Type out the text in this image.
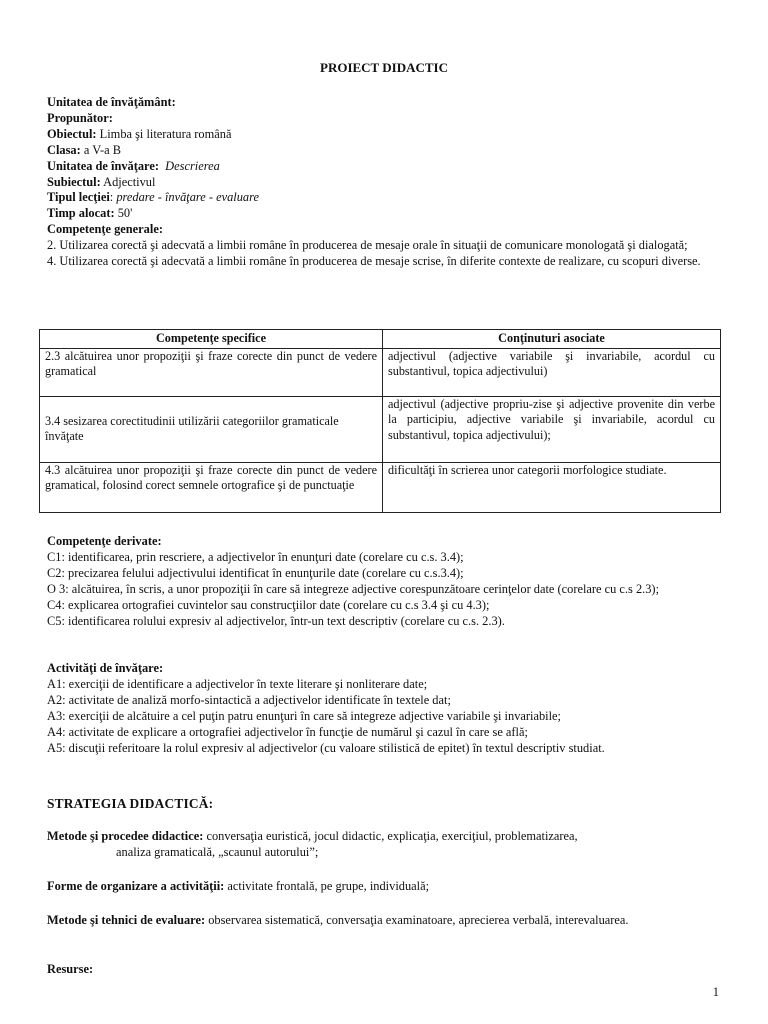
PROIECT DIDACTIC

Unitatea de învăţământ:

Propunător:

Obiectul: Limba şi literatura română

Clasa: a V-a B

Unitatea de învăţare: Descrierea

Subiectul: Adjectivul

Tipul lecţiei: predare - învăţare - evaluare

Timp alocat: 50'

Competenţe generale:

2. Utilizarea corectă şi adecvată a limbii române în producerea de mesaje orale în situaţii de comunicare monologată şi dialogată;

4. Utilizarea corectă şi adecvată a limbii române în producerea de mesaje scrise, în diferite contexte de realizare, cu scopuri diverse.

Competenţe specifice	Conţinuturi asociate
2.3 alcătuirea unor propoziţii şi fraze corecte din punct de vedere gramatical	adjectivul (adjective variabile şi invariabile, acordul cu substantivul, topica adjectivului)
3.4 sesizarea corectitudinii utilizării categoriilor gramaticale învăţate	adjectivul (adjective propriu-zise şi adjective provenite din verbe la participiu, adjective variabile şi invariabile, acordul cu substantivul, topica adjectivului);
4.3 alcătuirea unor propoziţii şi fraze corecte din punct de vedere gramatical, folosind corect semnele ortografice şi de punctuaţie	dificultăţi în scrierea unor categorii morfologice studiate.

Competenţe derivate:

C1: identificarea, prin rescriere, a adjectivelor în enunţuri date (corelare cu c.s. 3.4);

C2: precizarea felului adjectivului identificat în enunţurile date (corelare cu c.s.3.4);

O 3: alcătuirea, în scris, a unor propoziţii în care să integreze adjective corespunzătoare cerinţelor date (corelare cu c.s 2.3);

C4: explicarea ortografiei cuvintelor sau construcţiilor date (corelare cu c.s 3.4 şi cu 4.3);

C5: identificarea rolului expresiv al adjectivelor, într-un text descriptiv (corelare cu c.s. 2.3).

Activităţi de învăţare:

A1: exerciţii de identificare a adjectivelor în texte literare şi nonliterare date;

A2: activitate de analiză morfo-sintactică a adjectivelor identificate în textele dat;

A3: exerciţii de alcătuire a cel puţin patru enunţuri în care să integreze adjective variabile şi invariabile;

A4: activitate de explicare a ortografiei adjectivelor în funcţie de numărul şi cazul în care se află;

A5: discuţii referitoare la rolul expresiv al adjectivelor (cu valoare stilistică de epitet) în textul descriptiv studiat.

STRATEGIA DIDACTICĂ:

Metode şi procedee didactice: conversaţia euristică, jocul didactic, explicaţia, exerciţiul, problematizarea,

analiza gramaticală, „scaunul autorului”;

Forme de organizare a activităţii: activitate frontală, pe grupe, individuală;

Metode şi tehnici de evaluare: observarea sistematică, conversaţia examinatoare, aprecierea verbală, interevaluarea.

Resurse:
1
